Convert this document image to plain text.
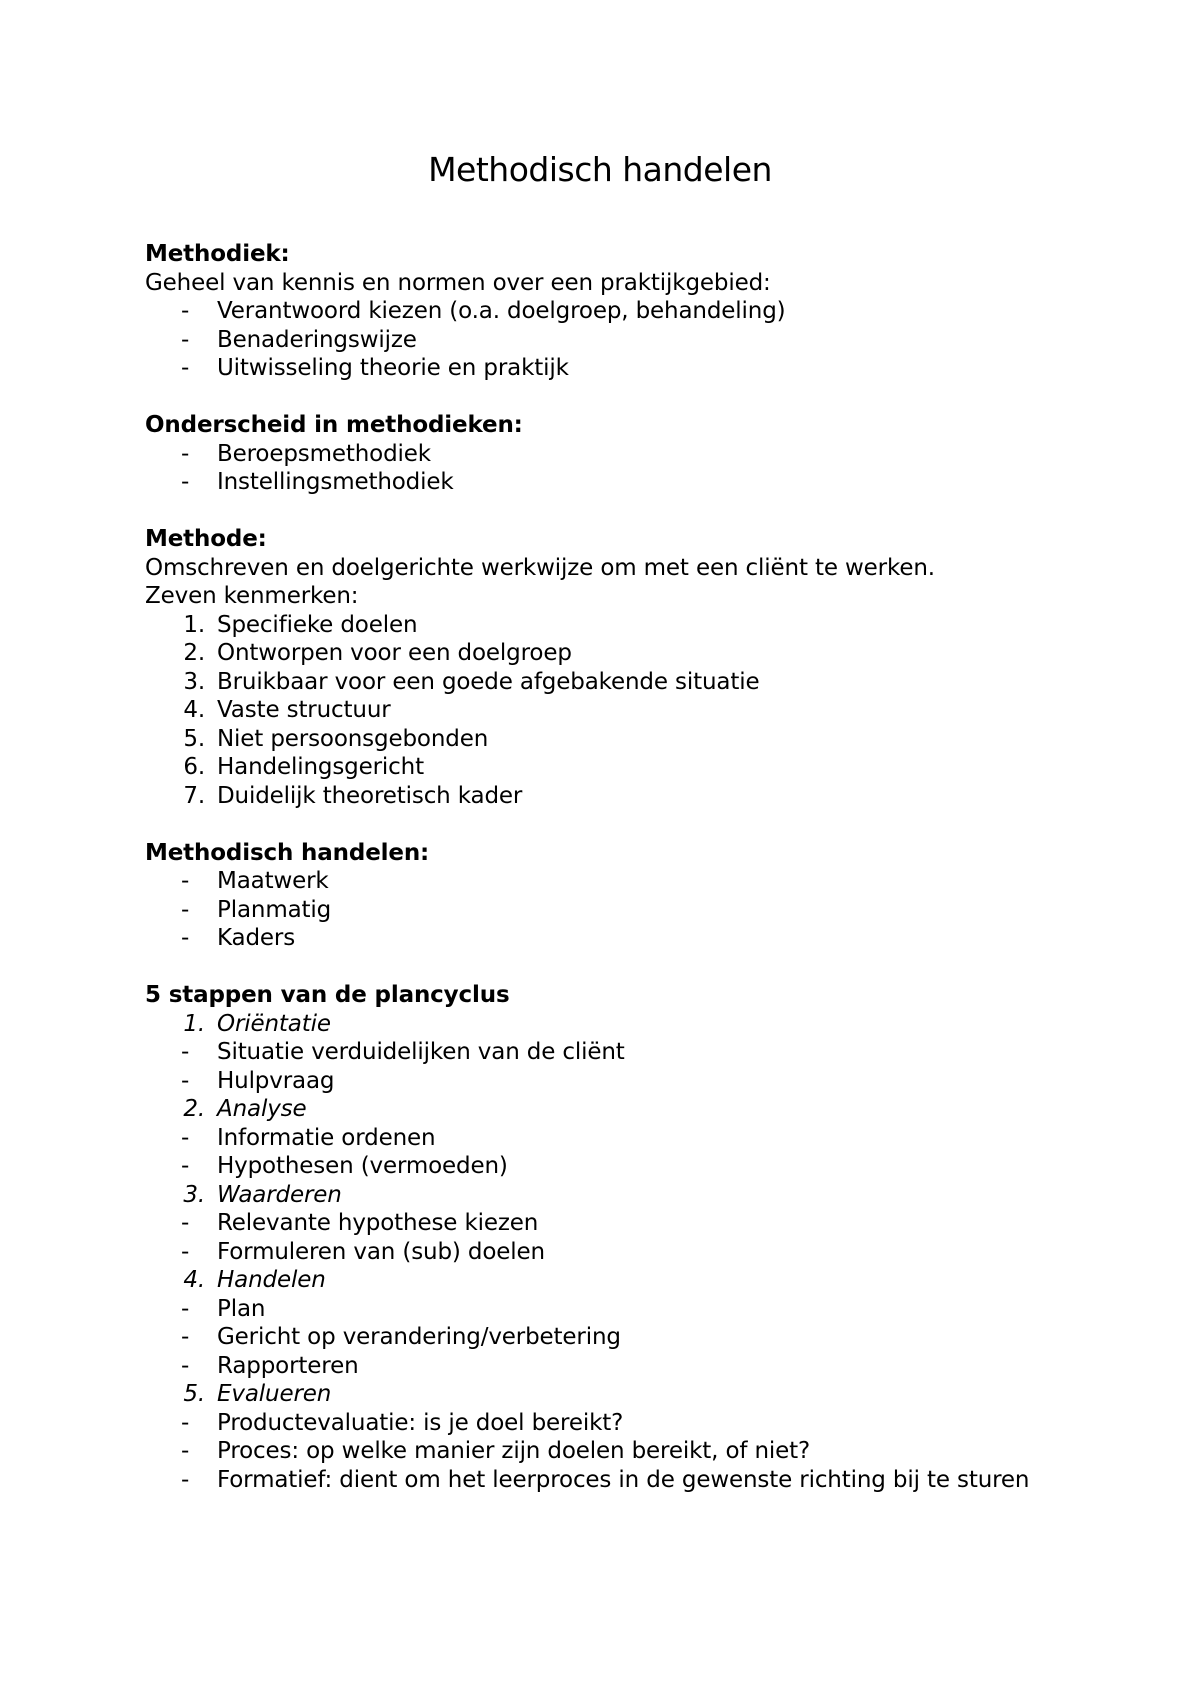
Methodisch handelen
Methodiek:
Geheel van kennis en normen over een praktijkgebied:
-	Verantwoord kiezen (o.a. doelgroep, behandeling)
-	Benaderingswijze
-	Uitwisseling theorie en praktijk
Onderscheid in methodieken:
-	Beroepsmethodiek
-	Instellingsmethodiek
Methode:
Omschreven en doelgerichte werkwijze om met een cliënt te werken.
Zeven kenmerken:
1. Specifieke doelen
2. Ontworpen voor een doelgroep
3. Bruikbaar voor een goede afgebakende situatie
4. Vaste structuur
5. Niet persoonsgebonden
6. Handelingsgericht
7. Duidelijk theoretisch kader
Methodisch handelen:
-	Maatwerk
-	Planmatig
-	Kaders
5 stappen van de plancyclus
1. Oriëntatie
-	Situatie verduidelijken van de cliënt
-	Hulpvraag
2. Analyse
-	Informatie ordenen
-	Hypothesen (vermoeden)
3. Waarderen
-	Relevante hypothese kiezen
-	Formuleren van (sub) doelen
4. Handelen
-	Plan
-	Gericht op verandering/verbetering
-	Rapporteren
5. Evalueren
-	Productevaluatie: is je doel bereikt?
-	Proces: op welke manier zijn doelen bereikt, of niet?
-	Formatief: dient om het leerproces in de gewenste richting bij te sturen
